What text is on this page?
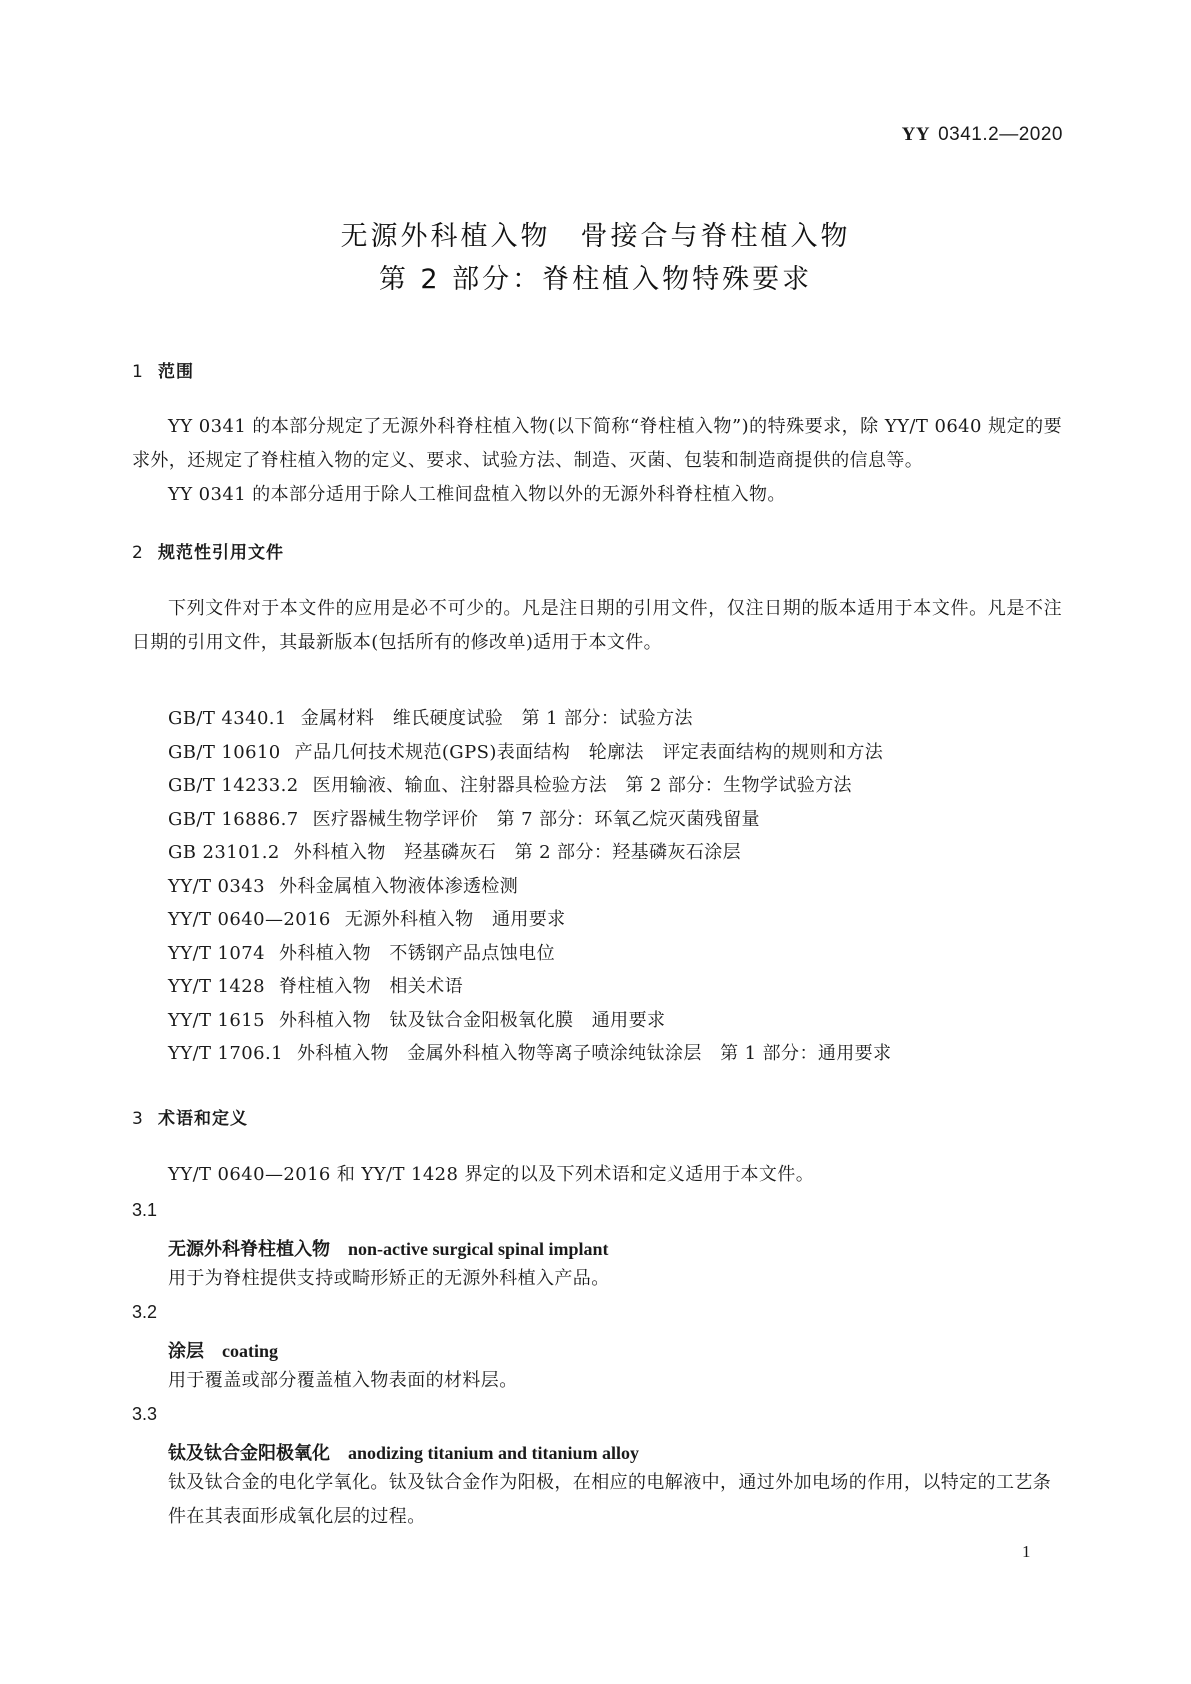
YY 0341.2—2020
无源外科植入物　骨接合与脊柱植入物
第 2 部分：脊柱植入物特殊要求
1 范围
YY 0341 的本部分规定了无源外科脊柱植入物(以下简称“脊柱植入物”)的特殊要求，除 YY/T 0640 规定的要求外，还规定了脊柱植入物的定义、要求、试验方法、制造、灭菌、包装和制造商提供的信息等。
YY 0341 的本部分适用于除人工椎间盘植入物以外的无源外科脊柱植入物。
2 规范性引用文件
下列文件对于本文件的应用是必不可少的。凡是注日期的引用文件，仅注日期的版本适用于本文件。凡是不注日期的引用文件，其最新版本(包括所有的修改单)适用于本文件。
GB/T 4340.1 金属材料　维氏硬度试验　第 1 部分：试验方法
GB/T 10610 产品几何技术规范(GPS)表面结构　轮廓法　评定表面结构的规则和方法
GB/T 14233.2 医用输液、输血、注射器具检验方法　第 2 部分：生物学试验方法
GB/T 16886.7 医疗器械生物学评价　第 7 部分：环氧乙烷灭菌残留量
GB 23101.2 外科植入物　羟基磷灰石　第 2 部分：羟基磷灰石涂层
YY/T 0343 外科金属植入物液体渗透检测
YY/T 0640—2016 无源外科植入物　通用要求
YY/T 1074 外科植入物　不锈钢产品点蚀电位
YY/T 1428 脊柱植入物　相关术语
YY/T 1615 外科植入物　钛及钛合金阳极氧化膜　通用要求
YY/T 1706.1 外科植入物　金属外科植入物等离子喷涂纯钛涂层　第 1 部分：通用要求
3 术语和定义
YY/T 0640—2016 和 YY/T 1428 界定的以及下列术语和定义适用于本文件。
3.1
无源外科脊柱植入物 non-active surgical spinal implant
用于为脊柱提供支持或畸形矫正的无源外科植入产品。
3.2
涂层 coating
用于覆盖或部分覆盖植入物表面的材料层。
3.3
钛及钛合金阳极氧化 anodizing titanium and titanium alloy
钛及钛合金的电化学氧化。钛及钛合金作为阳极，在相应的电解液中，通过外加电场的作用，以特定的工艺条件在其表面形成氧化层的过程。
1
